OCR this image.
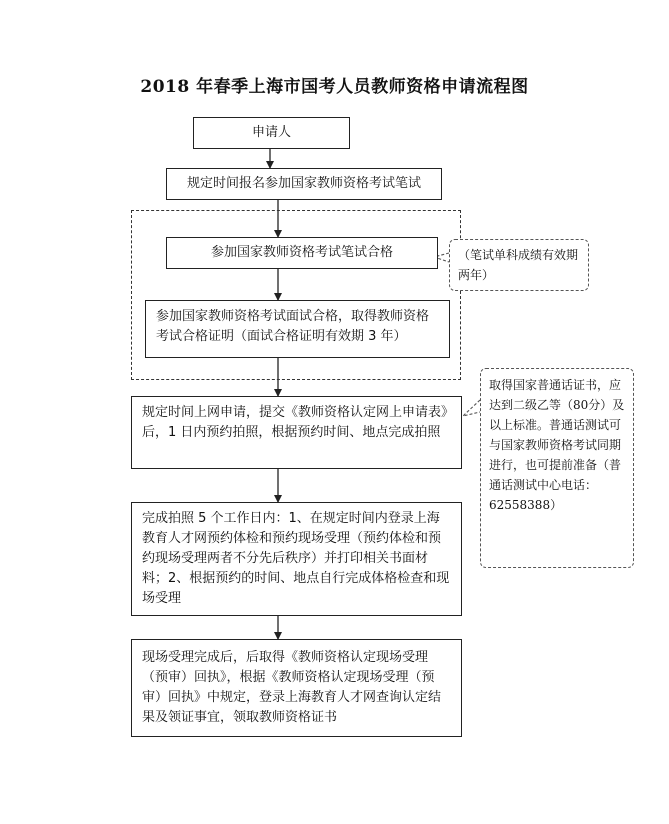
2018 年春季上海市国考人员教师资格申请流程图
申请人
规定时间报名参加国家教师资格考试笔试
参加国家教师资格考试笔试合格
参加国家教师资格考试面试合格，取得教师资格考试合格证明（面试合格证明有效期 3 年）
规定时间上网申请，提交《教师资格认定网上申请表》后，1 日内预约拍照，根据预约时间、地点完成拍照
完成拍照 5 个工作日内：1、在规定时间内登录上海教育人才网预约体检和预约现场受理（预约体检和预约现场受理两者不分先后秩序）并打印相关书面材料；2、根据预约的时间、地点自行完成体格检查和现场受理
现场受理完成后，后取得《教师资格认定现场受理（预审）回执》，根据《教师资格认定现场受理（预审）回执》中规定，登录上海教育人才网查询认定结果及领证事宜，领取教师资格证书
（笔试单科成绩有效期两年）
取得国家普通话证书，应达到二级乙等（80分）及以上标准。普通话测试可与国家教师资格考试同期进行，也可提前准备（普通话测试中心电话：62558388）
